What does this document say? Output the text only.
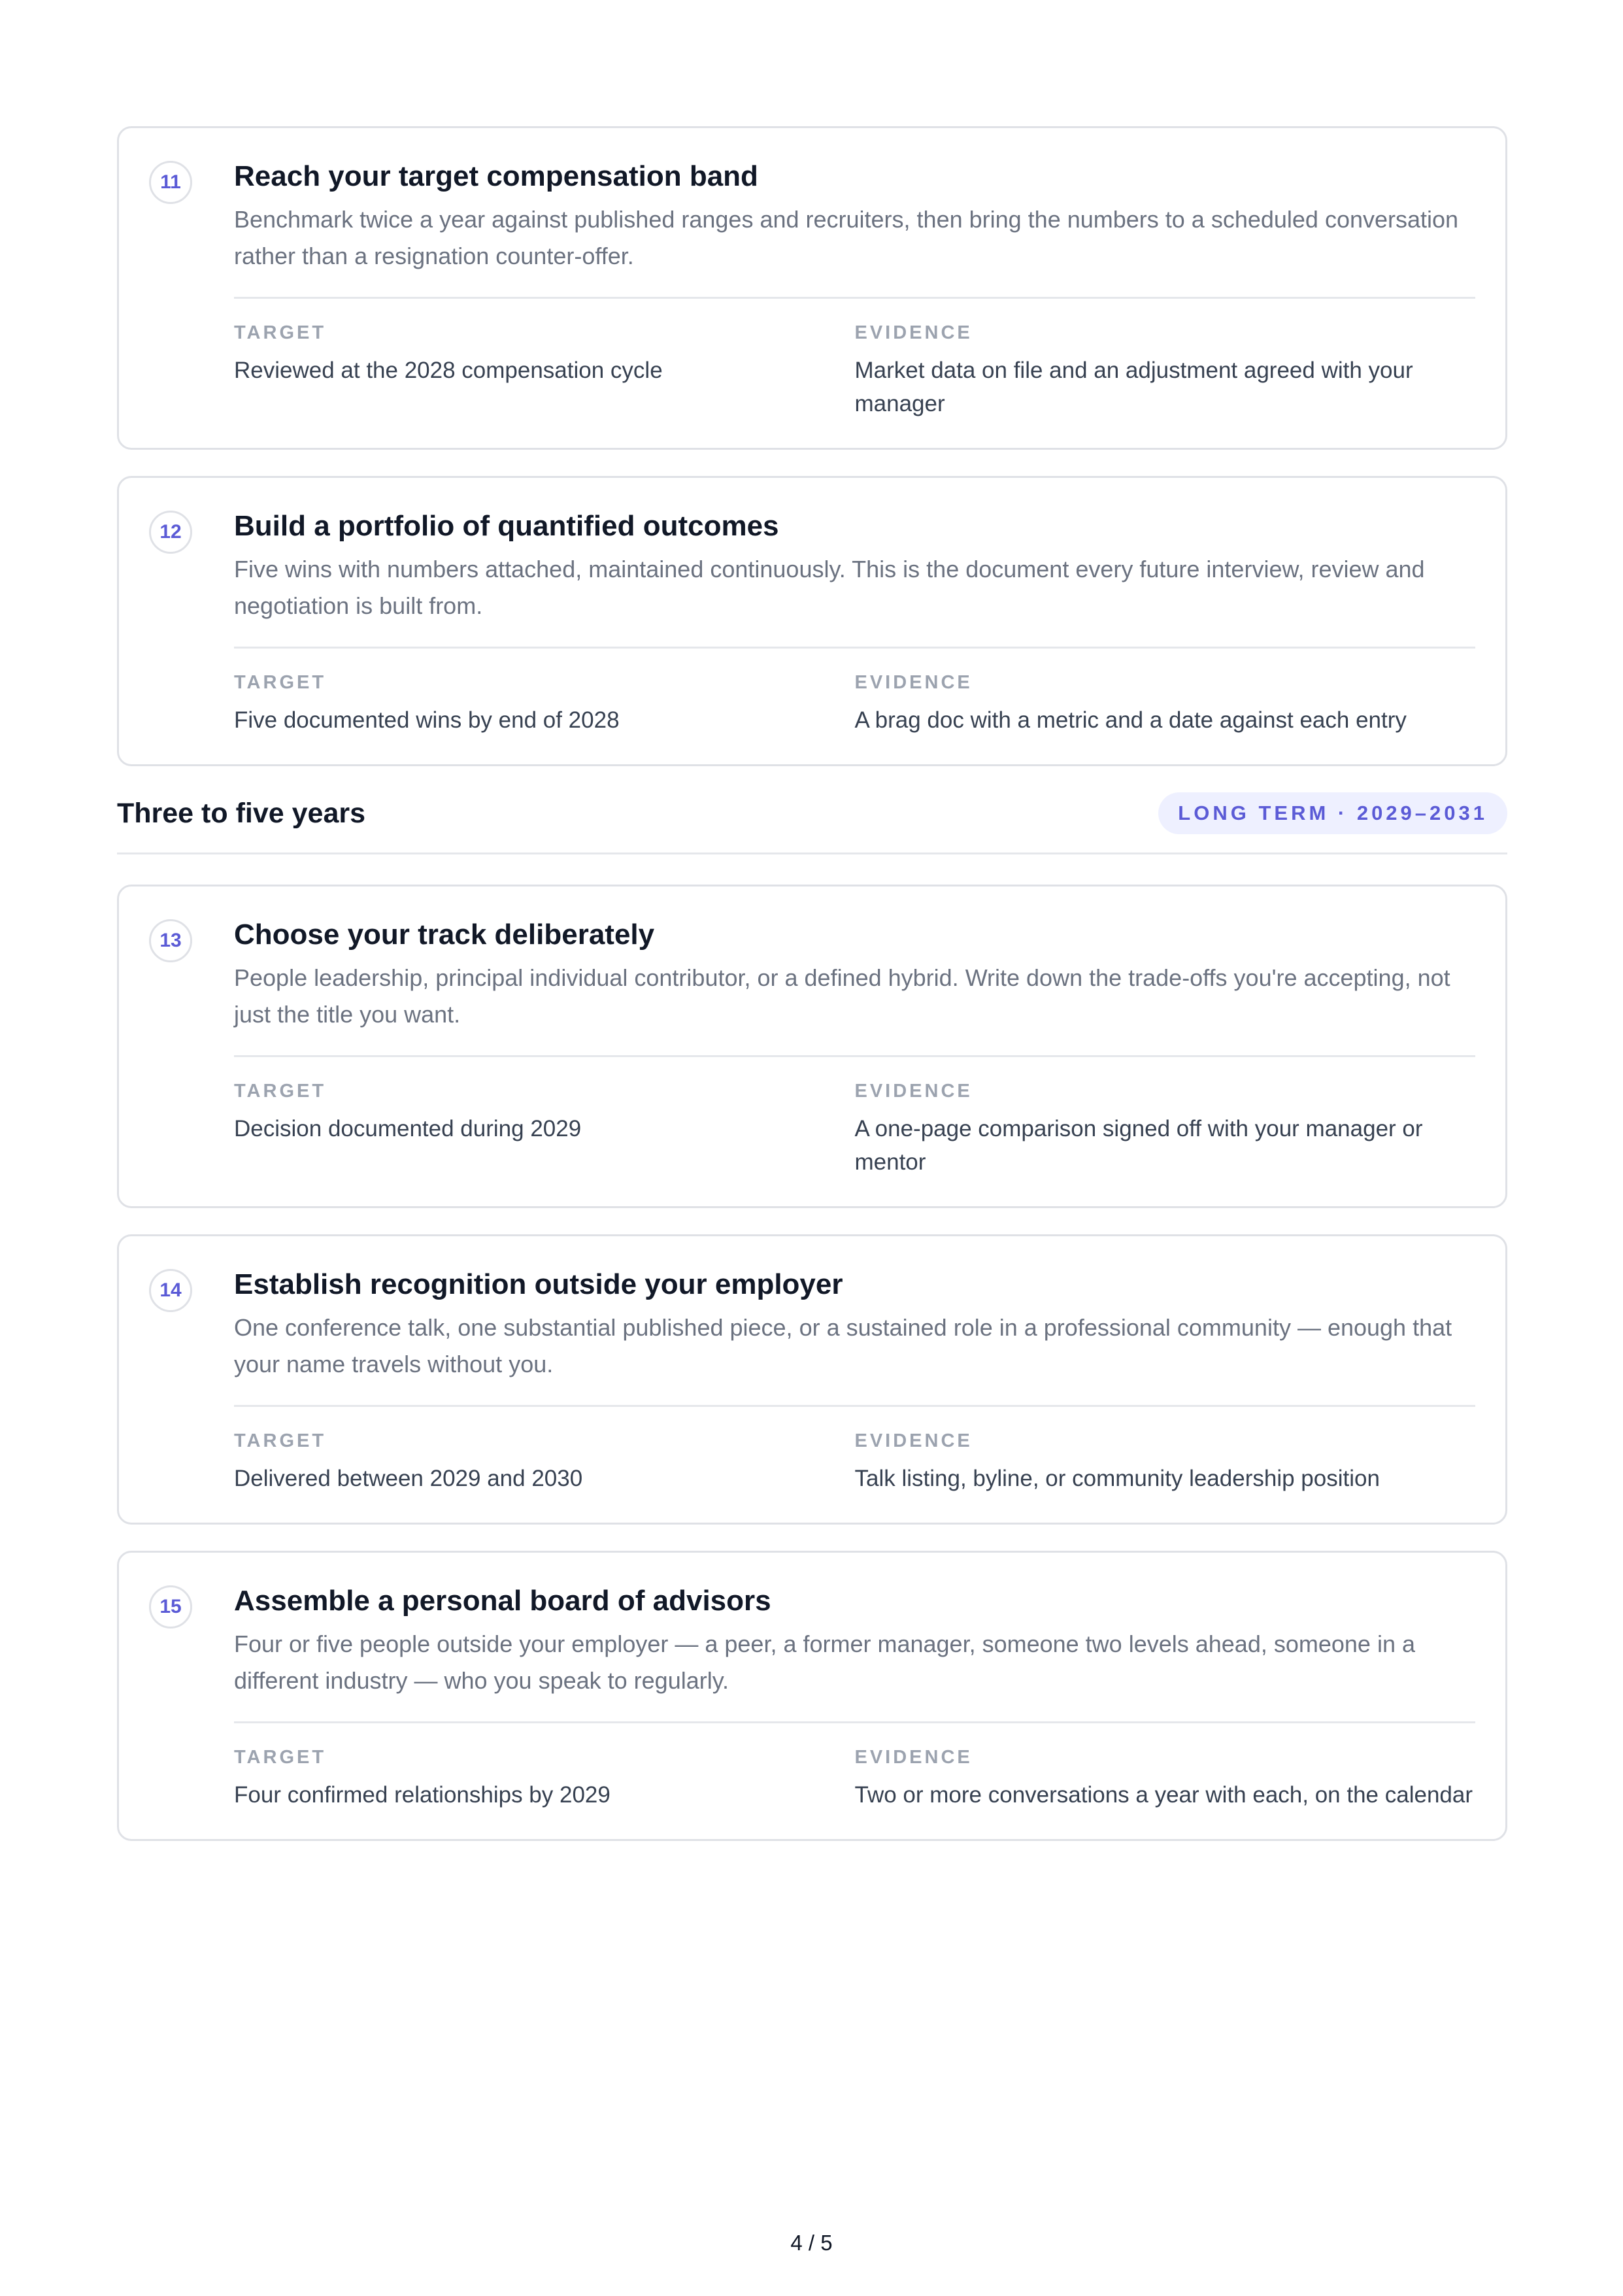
11	Reach your target compensation band
Benchmark twice a year against published ranges and recruiters, then bring the numbers to a scheduled conversation rather than a resignation counter-offer.
TARGET
Reviewed at the 2028 compensation cycle
EVIDENCE
Market data on file and an adjustment agreed with your manager
12	Build a portfolio of quantified outcomes
Five wins with numbers attached, maintained continuously. This is the document every future interview, review and negotiation is built from.
TARGET
Five documented wins by end of 2028
EVIDENCE
A brag doc with a metric and a date against each entry
Three to five years	LONG TERM · 2029–2031
13	Choose your track deliberately
People leadership, principal individual contributor, or a defined hybrid. Write down the trade-offs you're accepting, not just the title you want.
TARGET
Decision documented during 2029
EVIDENCE
A one-page comparison signed off with your manager or mentor
14	Establish recognition outside your employer
One conference talk, one substantial published piece, or a sustained role in a professional community — enough that your name travels without you.
TARGET
Delivered between 2029 and 2030
EVIDENCE
Talk listing, byline, or community leadership position
15	Assemble a personal board of advisors
Four or five people outside your employer — a peer, a former manager, someone two levels ahead, someone in a different industry — who you speak to regularly.
TARGET
Four confirmed relationships by 2029
EVIDENCE
Two or more conversations a year with each, on the calendar
4 / 5
